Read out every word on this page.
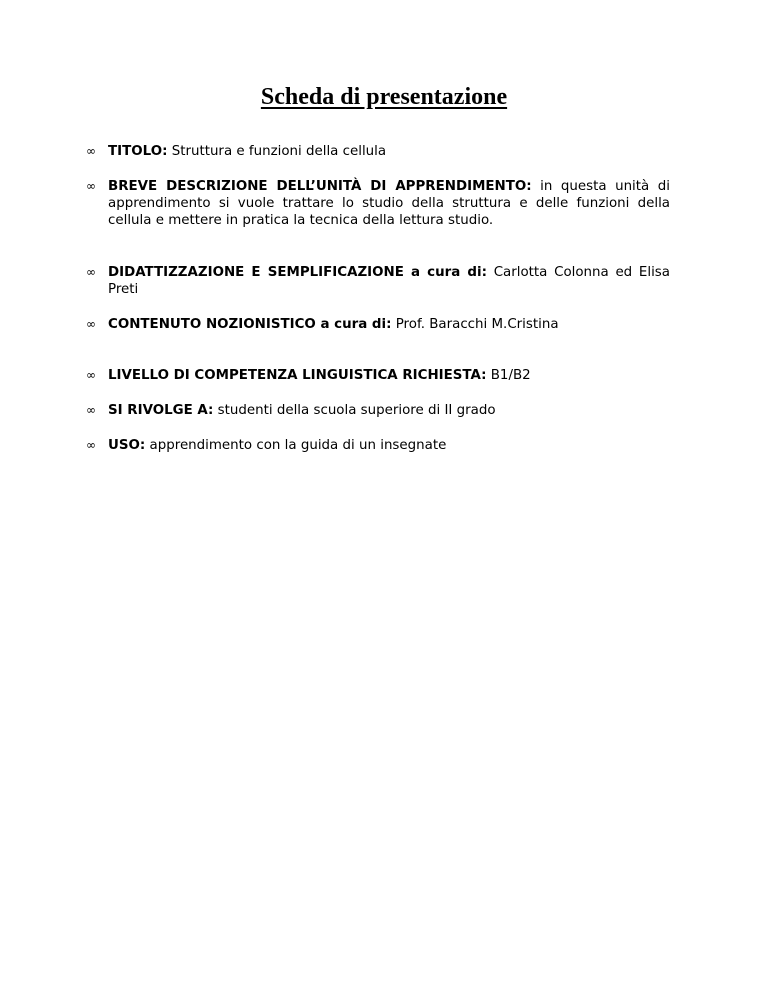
Scheda di presentazione
∞ TITOLO: Struttura e funzioni della cellula
∞ BREVE DESCRIZIONE DELL’UNITÀ DI APPRENDIMENTO: in questa unità di apprendimento si vuole trattare lo studio della struttura e delle funzioni della cellula e mettere in pratica la tecnica della lettura studio.
∞ DIDATTIZZAZIONE E SEMPLIFICAZIONE a cura di: Carlotta Colonna ed Elisa Preti
∞ CONTENUTO NOZIONISTICO a cura di: Prof. Baracchi M.Cristina
∞ LIVELLO DI COMPETENZA LINGUISTICA RICHIESTA: B1/B2
∞ SI RIVOLGE A: studenti della scuola superiore di II grado
∞ USO: apprendimento con la guida di un insegnate
